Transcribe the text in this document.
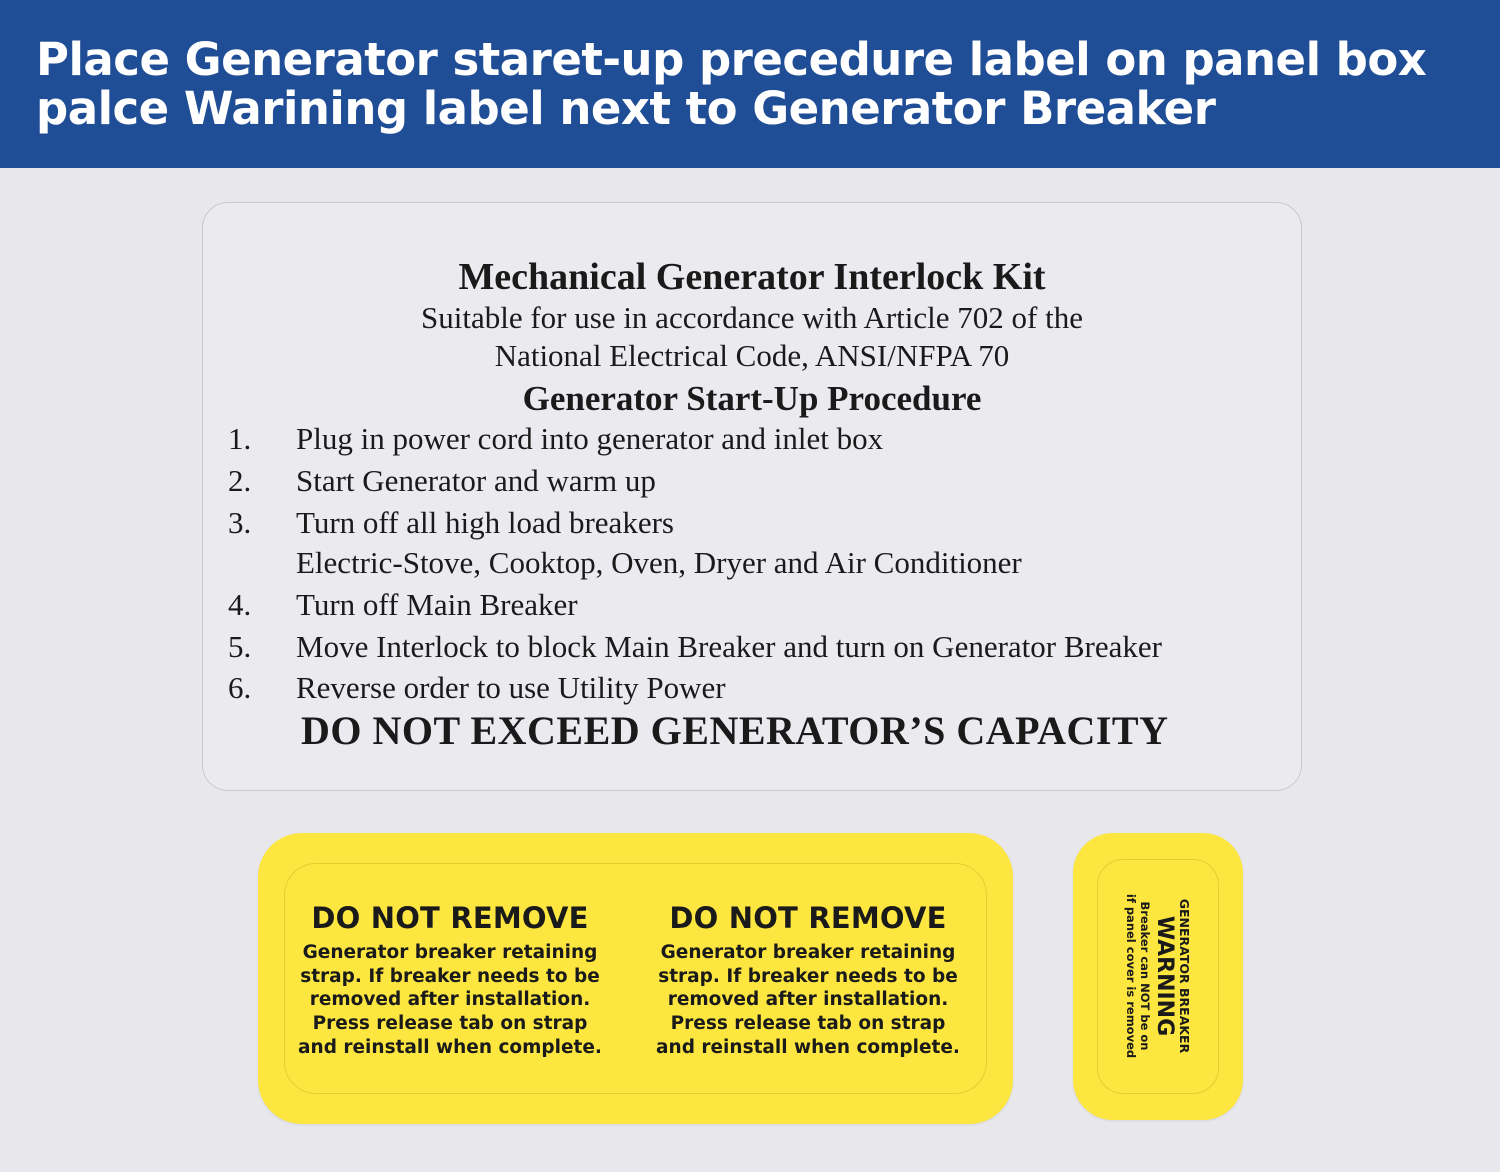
Place Generator staret-up precedure label on panel box
palce Warining label next to Generator Breaker
Mechanical Generator Interlock Kit
Suitable for use in accordance with Article 702 of the
National Electrical Code, ANSI/NFPA 70
Generator Start-Up Procedure
1. Plug in power cord into generator and inlet box
2. Start Generator and warm up
3. Turn off all high load breakers
Electric-Stove, Cooktop, Oven, Dryer and Air Conditioner
4. Turn off Main Breaker
5. Move Interlock to block Main Breaker and turn on Generator Breaker
6. Reverse order to use Utility Power
DO NOT EXCEED GENERATOR’S CAPACITY
DO NOT REMOVE
Generator breaker retaining
strap. If breaker needs to be
removed after installation.
Press release tab on strap
and reinstall when complete.
DO NOT REMOVE
Generator breaker retaining
strap. If breaker needs to be
removed after installation.
Press release tab on strap
and reinstall when complete.	GENERATOR BREAKER
WARNING
Breaker can NOT be on
if panel cover is removed
